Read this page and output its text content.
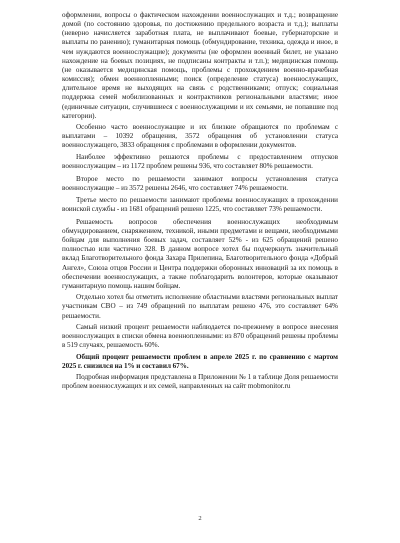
оформлении, вопросы о фактическом нахождении военнослужащих и т.д.; возвращение домой (по состоянию здоровья, по достижению предельного возраста и т.д.); выплаты (неверно начисляется заработная плата, не выплачивают боевые, губернаторские и выплаты по ранению); гуманитарная помощь (обмундирование, техника, одежда и иное, в чем нуждаются военнослужащие); документы (не оформлен военный билет, не указано нахождение на боевых позициях, не подписаны контракты и т.п.); медицинская помощь (не оказывается медицинская помощь, проблемы с прохождением военно-врачебная комиссия); обмен военнопленными; поиск (определение статуса) военнослужащих, длительное время не выходящих на связь с родственниками; отпуск; социальная поддержка семей мобилизованных и контрактников региональными властями; иное (единичные ситуации, случившиеся с военнослужащими и их семьями, не попавшие под категории).

Особенно часто военнослужащие и их близкие обращаются по проблемам с выплатами – 10392 обращения, 3572 обращения об установлении статуса военнослужащего, 3833 обращения с проблемами в оформлении документов.

Наиболее эффективно решаются проблемы с предоставлением отпусков военнослужащим – из 1172 проблем решены 936, что составляет 80% решаемости.

Второе место по решаемости занимают вопросы установления статуса военнослужащие – из 3572 решены 2646, что составляет 74% решаемости.

Третье место по решаемости занимают проблемы военнослужащих в прохождении воинской службы - из 1681 обращений решено 1225, что составляет 73% решаемости.

Решаемость вопросов обеспечения военнослужащих необходимым обмундированием, снаряжением, техникой, иными предметами и вещами, необходимыми бойцам для выполнения боевых задач, составляет 52% - из 625 обращений решено полностью или частично 328. В данном вопросе хотел бы подчеркнуть значительный вклад Благотворительного фонда Захара Прилепина, Благотворительного фонда «Добрый Ангел», Союза отцов России и Центра поддержки оборонных инноваций за их помощь в обеспечении военнослужащих, а также поблагодарить волонтеров, которые оказывают гуманитарную помощь нашим бойцам.

Отдельно хотел бы отметить исполнение областными властями региональных выплат участникам СВО – из 749 обращений по выплатам решено 476, это составляет 64% решаемости.

Самый низкий процент решаемости наблюдается по-прежнему в вопросе внесения военнослужащих в списки обмена военнопленными: из 870 обращений решены проблемы в 519 случаях, решаемость 60%.

Общий процент решаемости проблем в апреле 2025 г. по сравнению с мартом 2025 г. снизился на 1% и составил 67%.

Подробная информация представлена в Приложении № 1 в таблице Доля решаемости проблем военнослужащих и их семей, направленных на сайт mobmonitor.ru

2
